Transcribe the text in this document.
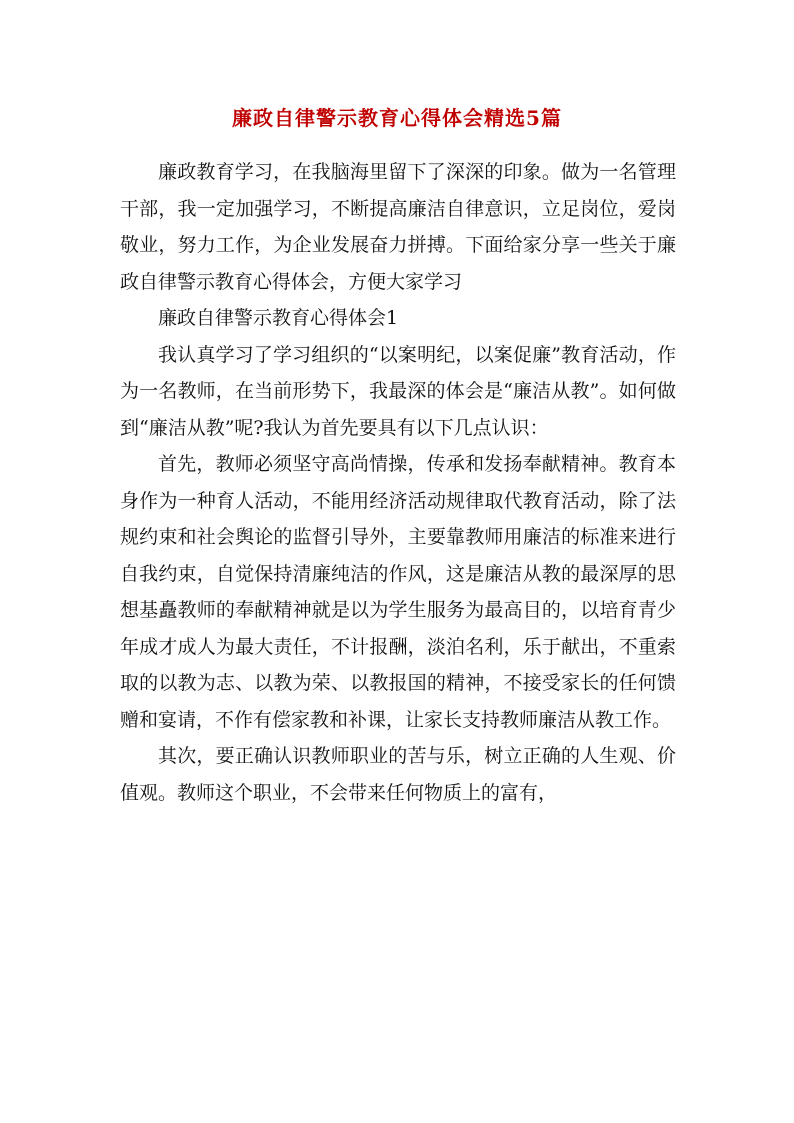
廉政自律警示教育心得体会精选5篇

廉政教育学习，在我脑海里留下了深深的印象。做为一名管理干部，我一定加强学习，不断提高廉洁自律意识，立足岗位，爱岗敬业，努力工作，为企业发展奋力拼搏。下面给家分享一些关于廉政自律警示教育心得体会，方便大家学习

廉政自律警示教育心得体会1

我认真学习了学习组织的“以案明纪，以案促廉”教育活动，作为一名教师，在当前形势下，我最深的体会是“廉洁从教”。如何做到“廉洁从教”呢?我认为首先要具有以下几点认识：

首先，教师必须坚守高尚情操，传承和发扬奉献精神。教育本身作为一种育人活动，不能用经济活动规律取代教育活动，除了法规约束和社会舆论的监督引导外，主要靠教师用廉洁的标准来进行自我约束，自觉保持清廉纯洁的作风，这是廉洁从教的最深厚的思想基矗教师的奉献精神就是以为学生服务为最高目的，以培育青少年成才成人为最大责任，不计报酬，淡泊名利，乐于献出，不重索取的以教为志、以教为荣、以教报国的精神，不接受家长的任何馈赠和宴请，不作有偿家教和补课，让家长支持教师廉洁从教工作。

其次，要正确认识教师职业的苦与乐，树立正确的人生观、价值观。教师这个职业，不会带来任何物质上的富有，
